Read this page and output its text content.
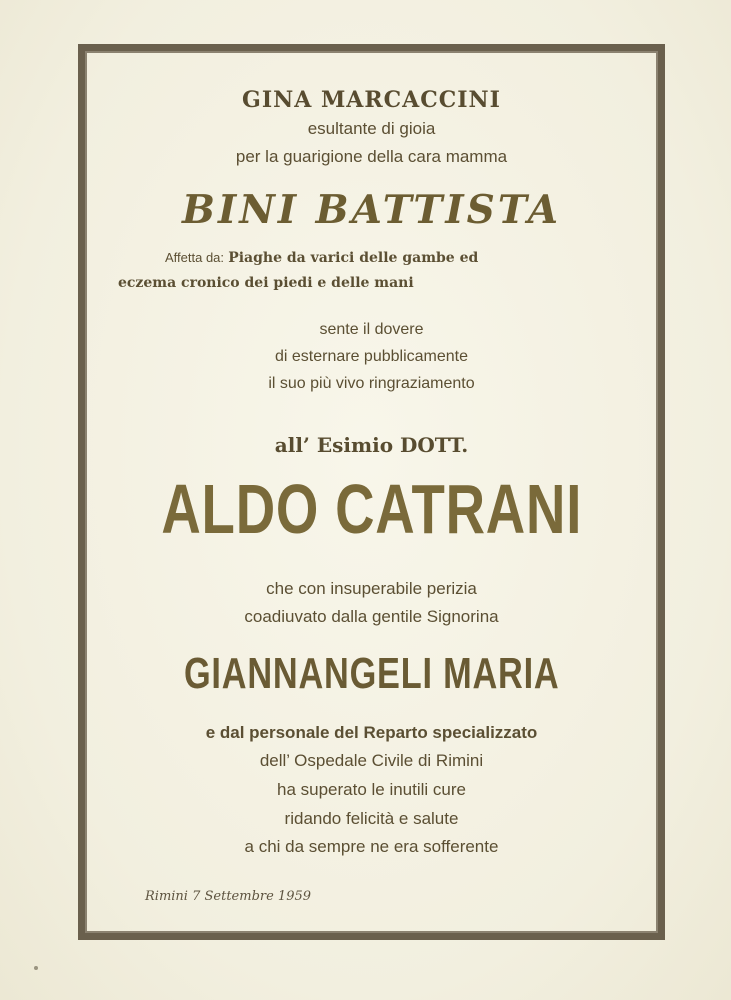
GINA MARCACCINI
esultante di gioia
per la guarigione della cara mamma
BINI BATTISTA
Affetta da: Piaghe da varici delle gambe ed
eczema cronico dei piedi e delle mani
sente il dovere
di esternare pubblicamente
il suo più vivo ringraziamento
all’ Esimio DOTT.
ALDO CATRANI
che con insuperabile perizia
coadiuvato dalla gentile Signorina
GIANNANGELI MARIA
e dal personale del Reparto specializzato
dell’ Ospedale Civile di Rimini
ha superato le inutili cure
ridando felicità e salute
a chi da sempre ne era sofferente
Rimini 7 Settembre 1959
